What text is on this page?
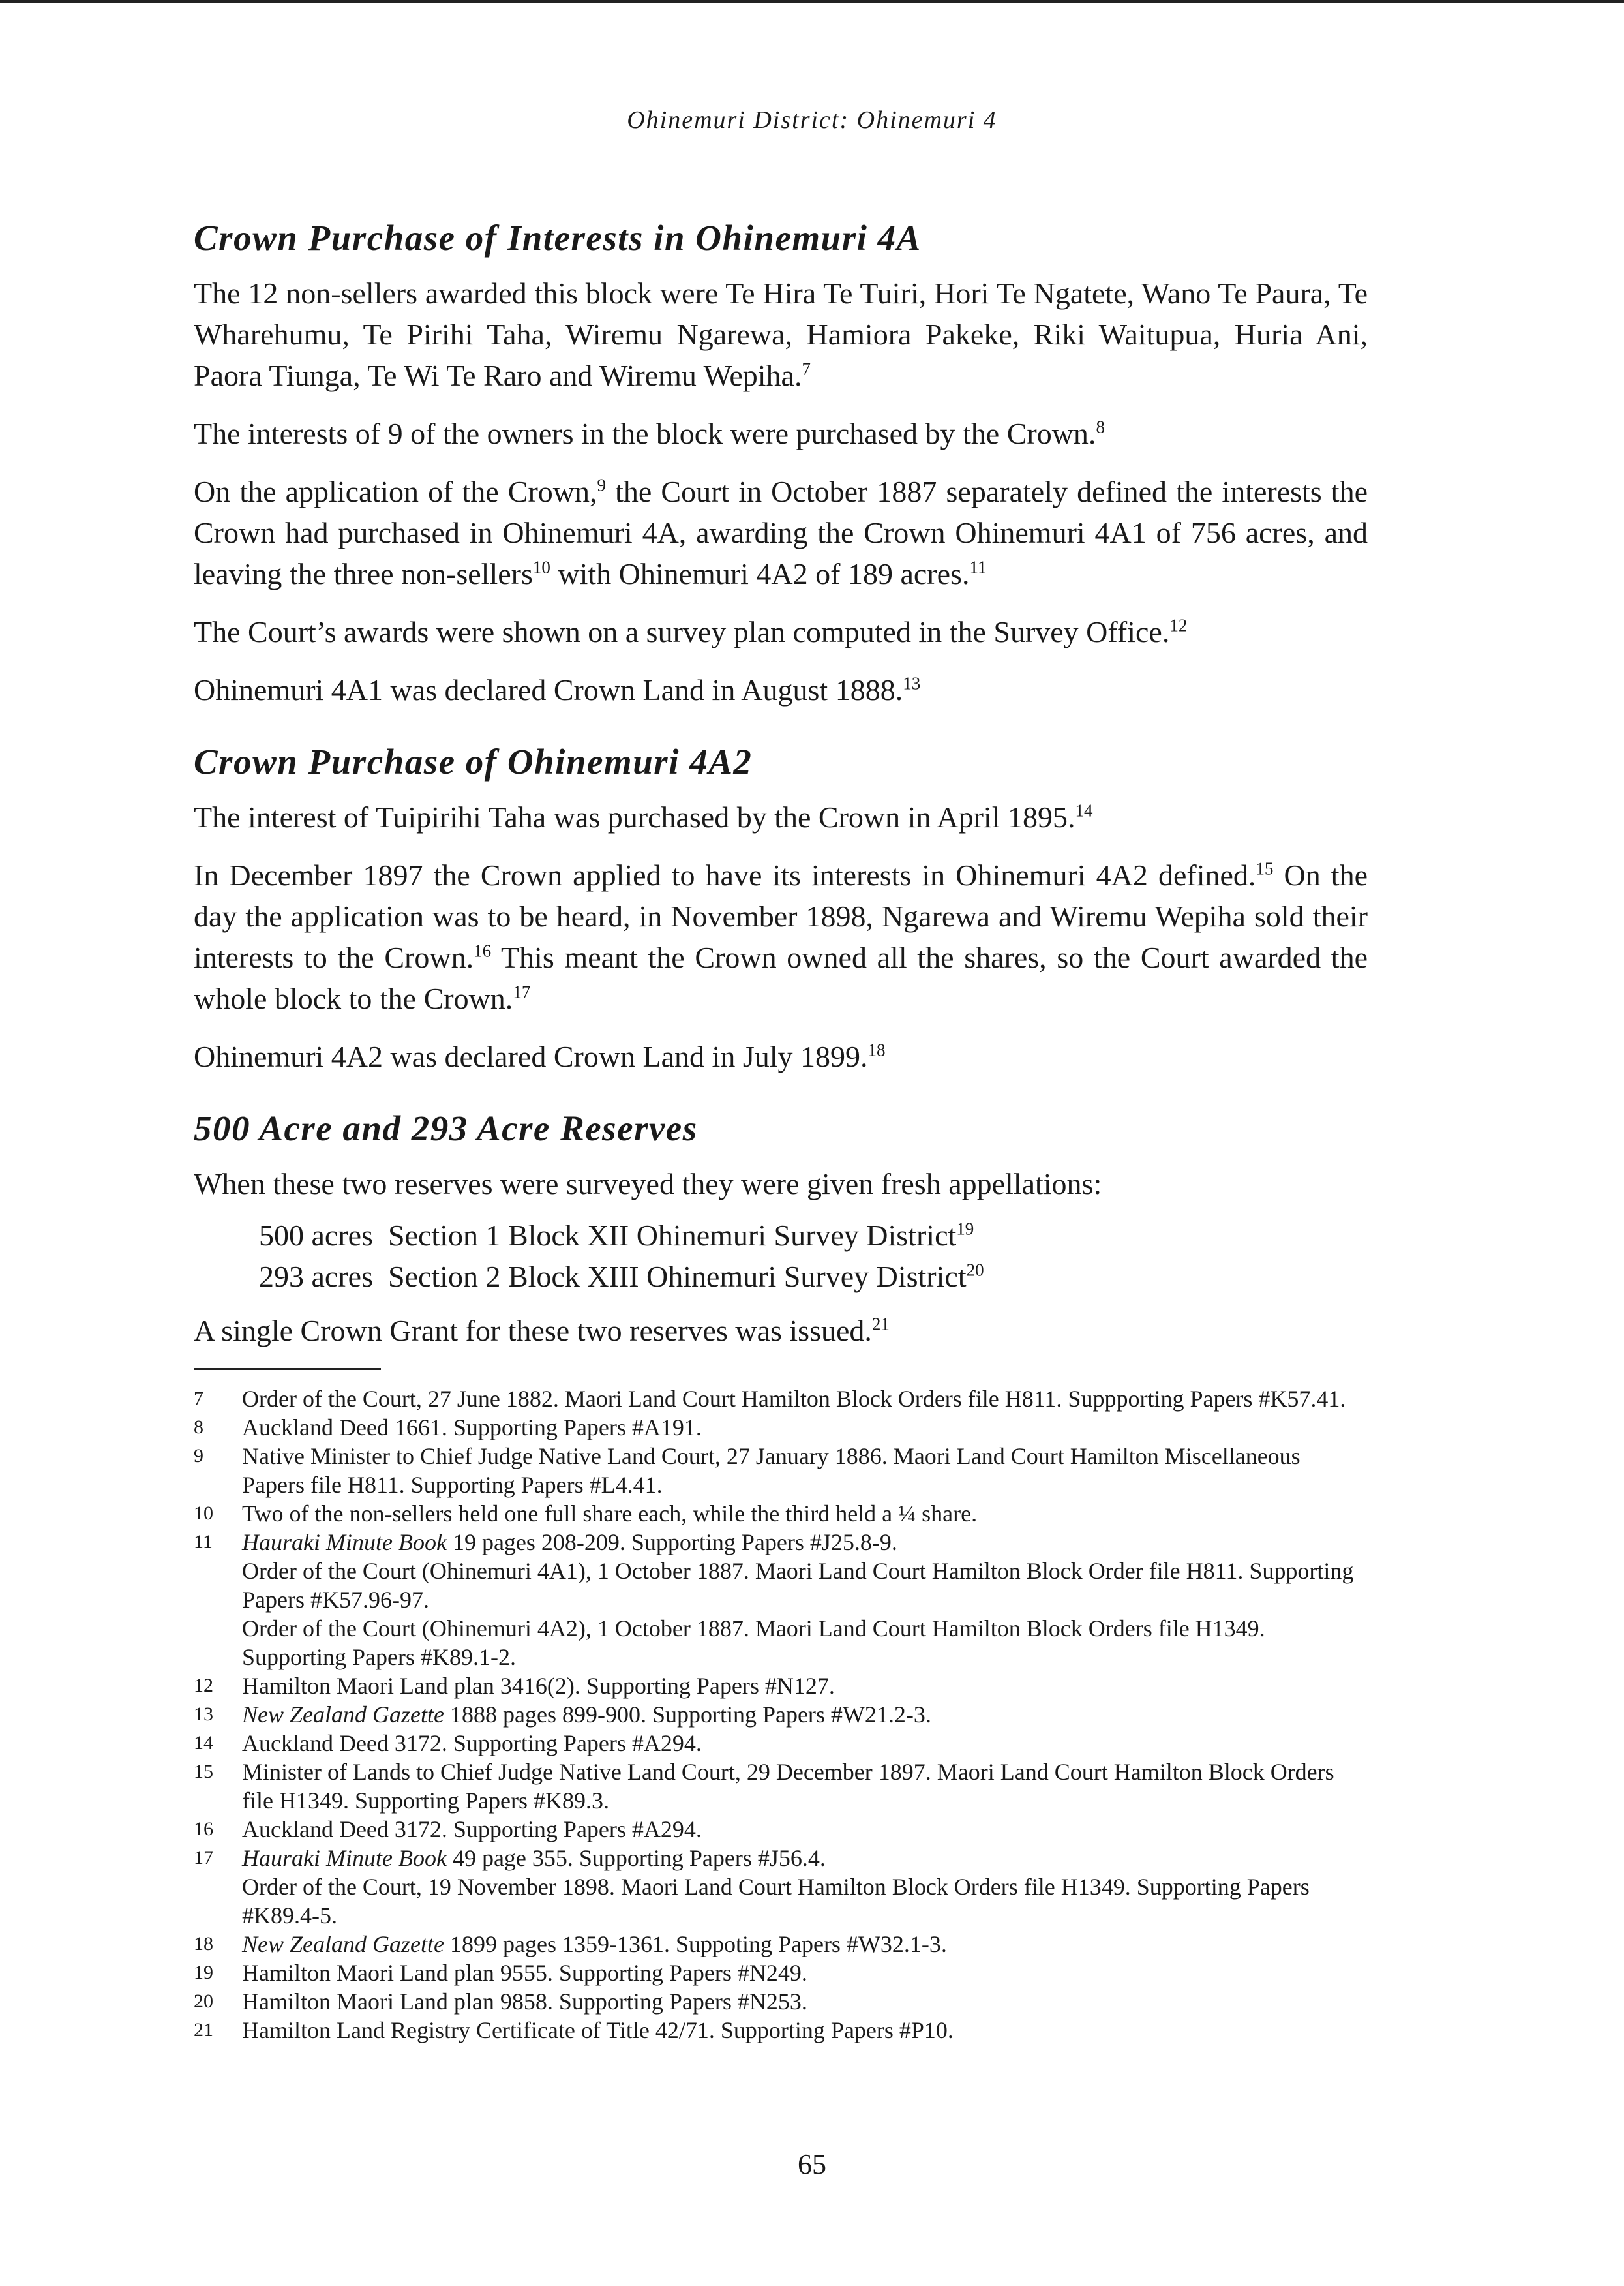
Ohinemuri District: Ohinemuri 4
Crown Purchase of Interests in Ohinemuri 4A

The 12 non-sellers awarded this block were Te Hira Te Tuiri, Hori Te Ngatete, Wano Te Paura, Te Wharehumu, Te Pirihi Taha, Wiremu Ngarewa, Hamiora Pakeke, Riki Waitupua, Huria Ani, Paora Tiunga, Te Wi Te Raro and Wiremu Wepiha.$^7$

The interests of 9 of the owners in the block were purchased by the Crown.$^8$

On the application of the Crown,$^9$ the Court in October 1887 separately defined the interests the Crown had purchased in Ohinemuri 4A, awarding the Crown Ohinemuri 4A1 of 756 acres, and leaving the three non-sellers$^{10}$ with Ohinemuri 4A2 of 189 acres.$^{11}$

The Court’s awards were shown on a survey plan computed in the Survey Office.$^{12}$

Ohinemuri 4A1 was declared Crown Land in August 1888.13

Crown Purchase of Ohinemuri 4A2

The interest of Tuipirihi Taha was purchased by the Crown in April 1895.14

In December 1897 the Crown applied to have its interests in Ohinemuri 4A2 defined.$^{15}$ On the day the application was to be heard, in November 1898, Ngarewa and Wiremu Wepiha sold their interests to the Crown.$^{16}$ This meant the Crown owned all the shares, so the Court awarded the whole block to the Crown.$^{17}$

Ohinemuri 4A2 was declared Crown Land in July 1899.18

500 Acre and 293 Acre Reserves

When these two reserves were surveyed they were given fresh appellations:

500 acres Section 1 Block XII Ohinemuri Survey District$^{19}$
293 acres Section 2 Block XIII Ohinemuri Survey District$^{20}$

A single Crown Grant for these two reserves was issued.$^{21}$

7	Order of the Court, 27 June 1882. Maori Land Court Hamilton Block Orders file H811. Suppporting Papers #K57.41.
8	Auckland Deed 1661. Supporting Papers #A191.
9	Native Minister to Chief Judge Native Land Court, 27 January 1886. Maori Land Court Hamilton Miscellaneous Papers file H811. Supporting Papers #L4.41.
10	Two of the non-sellers held one full share each, while the third held a ¼ share.
11	Hauraki Minute Book 19 pages 208-209. Supporting Papers #J25.8-9.
Order of the Court (Ohinemuri 4A1), 1 October 1887. Maori Land Court Hamilton Block Order file H811. Supporting Papers #K57.96-97.
Order of the Court (Ohinemuri 4A2), 1 October 1887. Maori Land Court Hamilton Block Orders file H1349. Supporting Papers #K89.1-2.
12	Hamilton Maori Land plan 3416(2). Supporting Papers #N127.
13	New Zealand Gazette 1888 pages 899-900. Supporting Papers #W21.2-3.
14	Auckland Deed 3172. Supporting Papers #A294.
15	Minister of Lands to Chief Judge Native Land Court, 29 December 1897. Maori Land Court Hamilton Block Orders file H1349. Supporting Papers #K89.3.
16	Auckland Deed 3172. Supporting Papers #A294.
17	Hauraki Minute Book 49 page 355. Supporting Papers #J56.4.
Order of the Court, 19 November 1898. Maori Land Court Hamilton Block Orders file H1349. Supporting Papers #K89.4-5.
18	New Zealand Gazette 1899 pages 1359-1361. Suppoting Papers #W32.1-3.
19	Hamilton Maori Land plan 9555. Supporting Papers #N249.
20	Hamilton Maori Land plan 9858. Supporting Papers #N253.
21	Hamilton Land Registry Certificate of Title 42/71. Supporting Papers #P10.
65
